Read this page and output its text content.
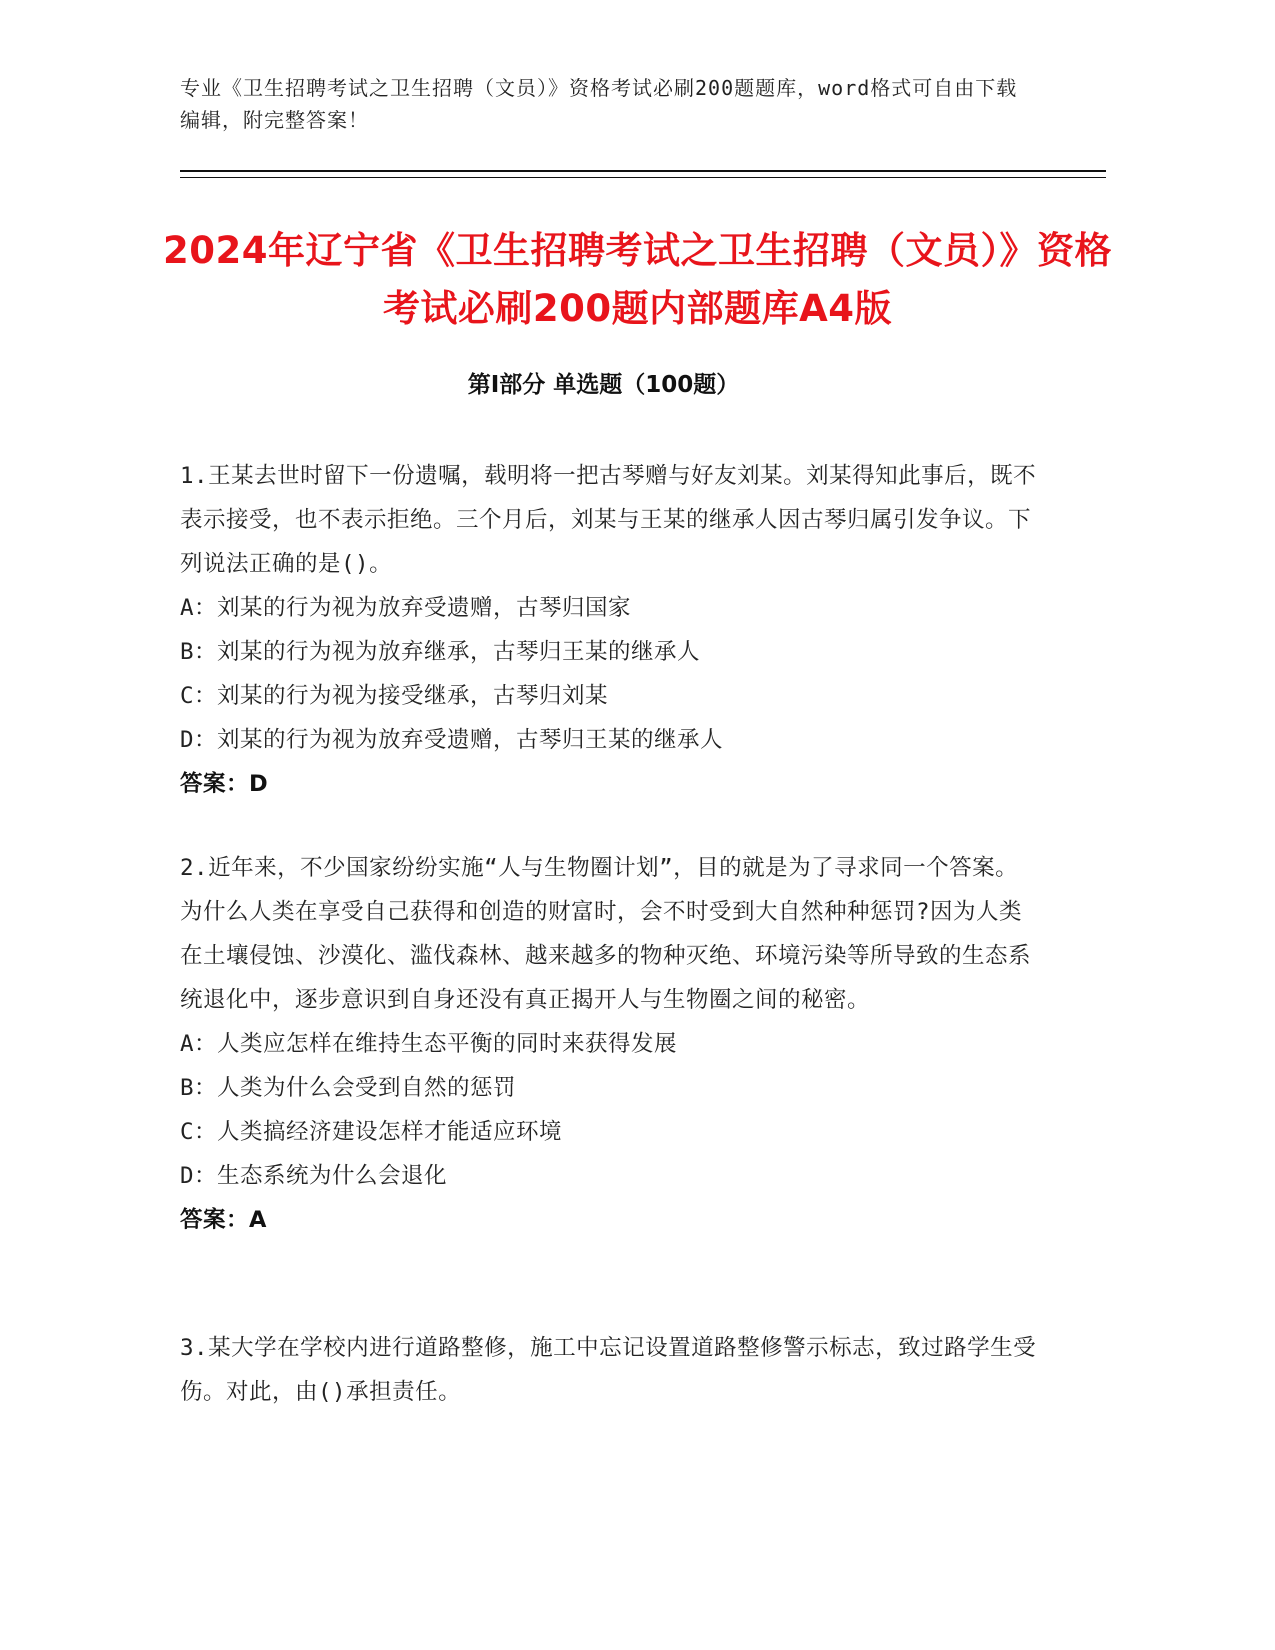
专业《卫生招聘考试之卫生招聘（文员）》资格考试必刷200题题库，word格式可自由下载编辑，附完整答案！
2024年辽宁省《卫生招聘考试之卫生招聘（文员）》资格考试必刷200题内部题库A4版
第I部分 单选题（100题）
1.王某去世时留下一份遗嘱，载明将一把古琴赠与好友刘某。刘某得知此事后，既不表示接受，也不表示拒绝。三个月后，刘某与王某的继承人因古琴归属引发争议。下列说法正确的是()。
A：刘某的行为视为放弃受遗赠，古琴归国家
B：刘某的行为视为放弃继承，古琴归王某的继承人
C：刘某的行为视为接受继承，古琴归刘某
D：刘某的行为视为放弃受遗赠，古琴归王某的继承人
答案：D
2.近年来，不少国家纷纷实施“人与生物圈计划”，目的就是为了寻求同一个答案。为什么人类在享受自己获得和创造的财富时，会不时受到大自然种种惩罚?因为人类在土壤侵蚀、沙漠化、滥伐森林、越来越多的物种灭绝、环境污染等所导致的生态系统退化中，逐步意识到自身还没有真正揭开人与生物圈之间的秘密。
A：人类应怎样在维持生态平衡的同时来获得发展
B：人类为什么会受到自然的惩罚
C：人类搞经济建设怎样才能适应环境
D：生态系统为什么会退化
答案：A
3.某大学在学校内进行道路整修，施工中忘记设置道路整修警示标志，致过路学生受伤。对此，由()承担责任。
